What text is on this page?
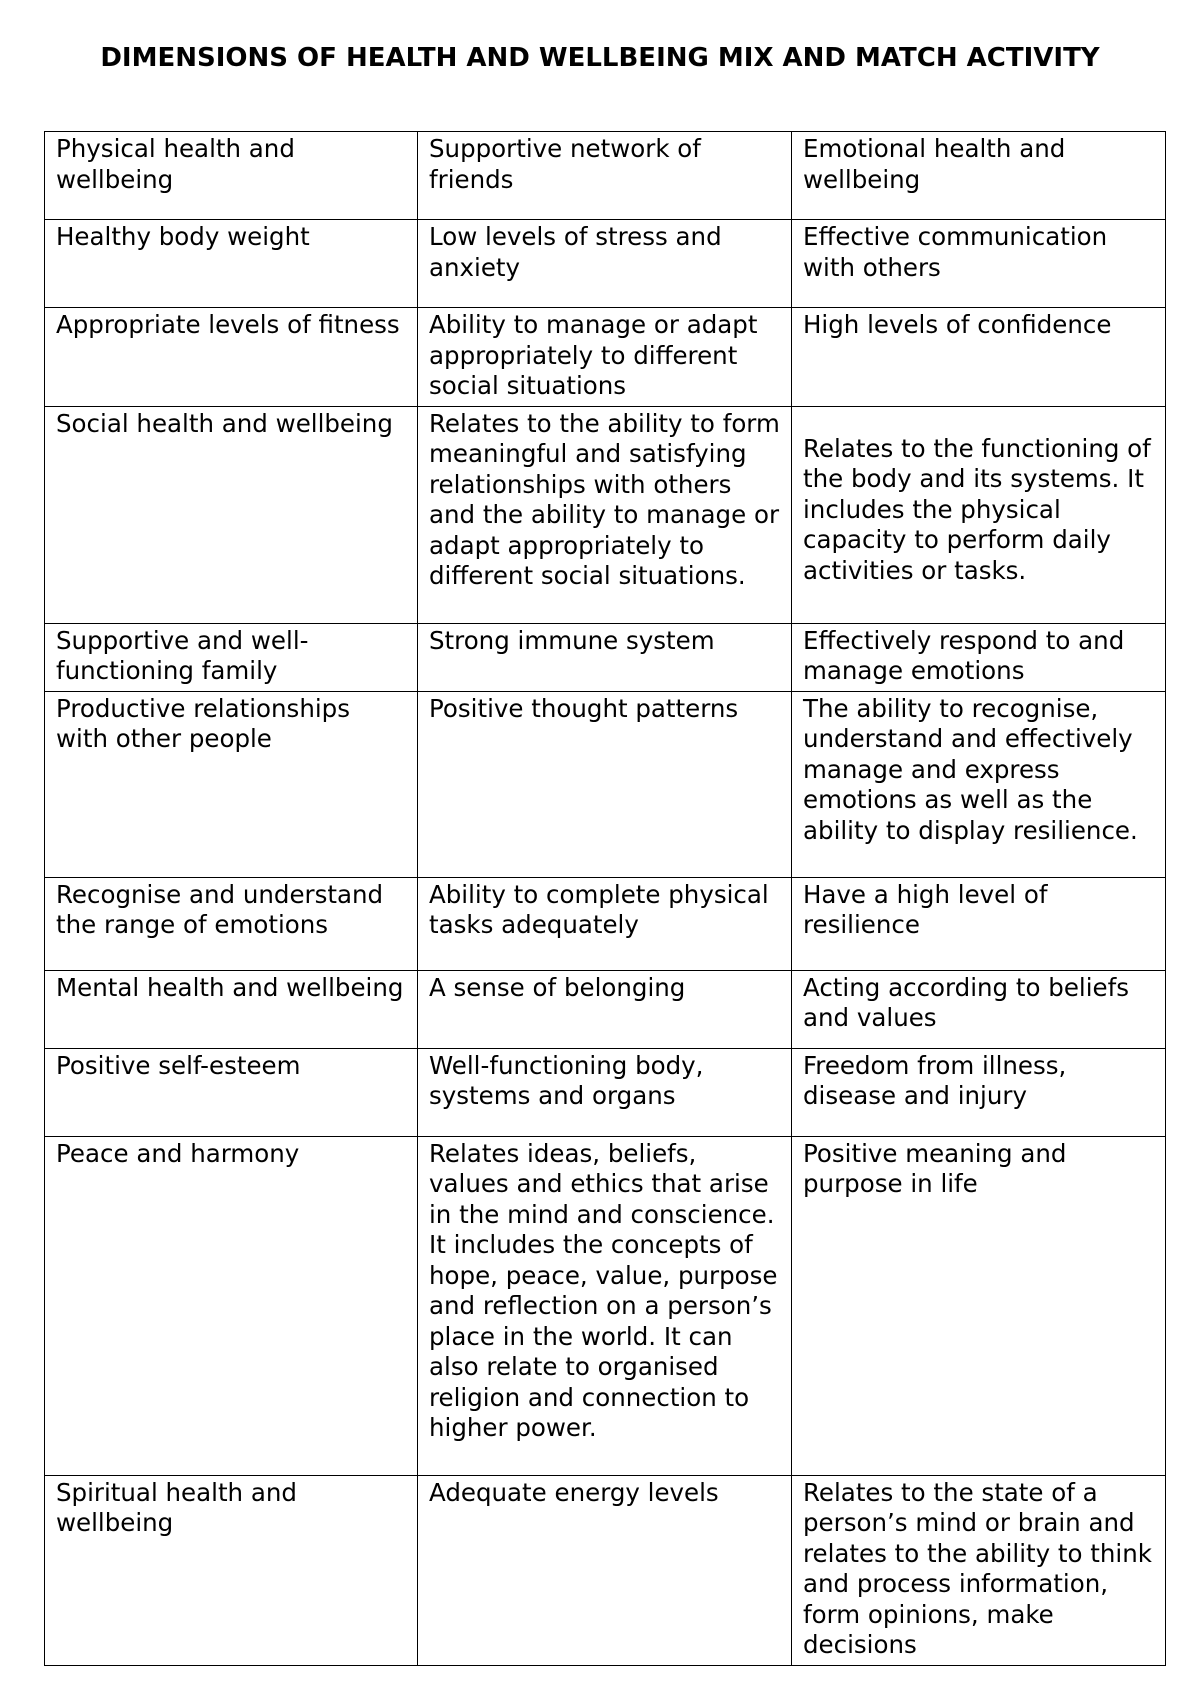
DIMENSIONS OF HEALTH AND WELLBEING MIX AND MATCH ACTIVITY
Physical health and wellbeing	Supportive network of friends	Emotional health and wellbeing
Healthy body weight	Low levels of stress and anxiety	Effective communication with others
Appropriate levels of fitness	Ability to manage or adapt appropriately to different social situations	High levels of confidence
Social health and wellbeing	Relates to the ability to form meaningful and satisfying relationships with others and the ability to manage or adapt appropriately to different social situations.	Relates to the functioning of the body and its systems. It includes the physical capacity to perform daily activities or tasks.
Supportive and well-functioning family	Strong immune system	Effectively respond to and manage emotions
Productive relationships with other people	Positive thought patterns	The ability to recognise, understand and effectively manage and express emotions as well as the ability to display resilience.
Recognise and understand the range of emotions	Ability to complete physical tasks adequately	Have a high level of resilience
Mental health and wellbeing	A sense of belonging	Acting according to beliefs and values
Positive self-esteem	Well-functioning body, systems and organs	Freedom from illness, disease and injury
Peace and harmony	Relates ideas, beliefs, values and ethics that arise in the mind and conscience. It includes the concepts of hope, peace, value, purpose and reflection on a person’s place in the world. It can also relate to organised religion and connection to higher power.	Positive meaning and purpose in life
Spiritual health and wellbeing	Adequate energy levels	Relates to the state of a person’s mind or brain and relates to the ability to think and process information, form opinions, make decisions
